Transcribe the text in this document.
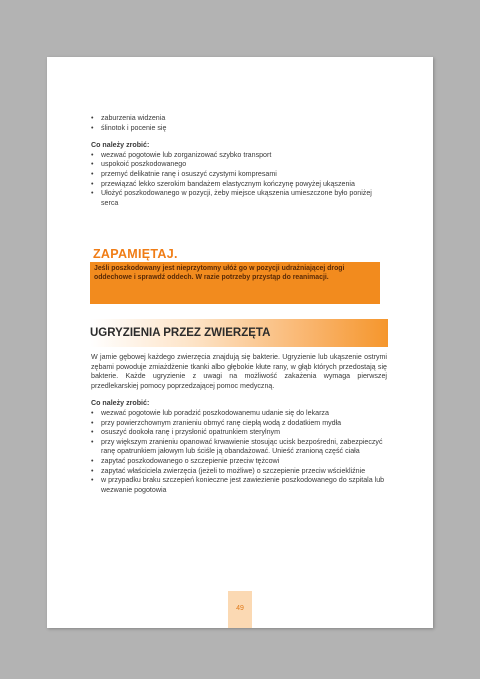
• zaburzenia widzenia
• ślinotok i pocenie się
Co należy zrobić:
• wezwać pogotowie lub zorganizować szybko transport
• uspokoić poszkodowanego
• przemyć delikatnie ranę i osuszyć czystymi kompresami
• przewiązać lekko szerokim bandażem elastycznym kończynę powyżej ukąszenia
• Ułożyć poszkodowanego w pozycji, żeby miejsce ukąszenia umieszczone było poniżej serca
ZAPAMIĘTAJ.
Jeśli poszkodowany jest nieprzytomny ułóż go w pozycji udrażniającej drogi oddechowe i sprawdź oddech. W razie potrzeby przystąp do reanimacji.
UGRYZIENIA PRZEZ ZWIERZĘTA
W jamie gębowej każdego zwierzęcia znajdują się bakterie. Ugryzienie lub ukąszenie ostrymi zębami powoduje zmiażdżenie tkanki albo głębokie kłute rany, w głąb których przedostają się bakterie. Każde ugryzienie z uwagi na możliwość zakażenia wymaga pierwszej przedlekarskiej pomocy poprzedzającej pomoc medyczną.
Co należy zrobić:
• wezwać pogotowie lub poradzić poszkodowanemu udanie się do lekarza
• przy powierzchownym zranieniu obmyć ranę ciepłą wodą z dodatkiem mydła
• osuszyć dookoła ranę i przysłonić opatrunkiem sterylnym
• przy większym zranieniu opanować krwawienie stosując ucisk bezpośredni, zabezpieczyć ranę opatrunkiem jałowym lub ściśle ją obandażować. Unieść zranioną część ciała
• zapytać poszkodowanego o szczepienie przeciw tężcowi
• zapytać właściciela zwierzęcia (jeżeli to możliwe) o szczepienie przeciw wściekliźnie
• w przypadku braku szczepień konieczne jest zawiezienie poszkodowanego do szpitala lub wezwanie pogotowia
49
